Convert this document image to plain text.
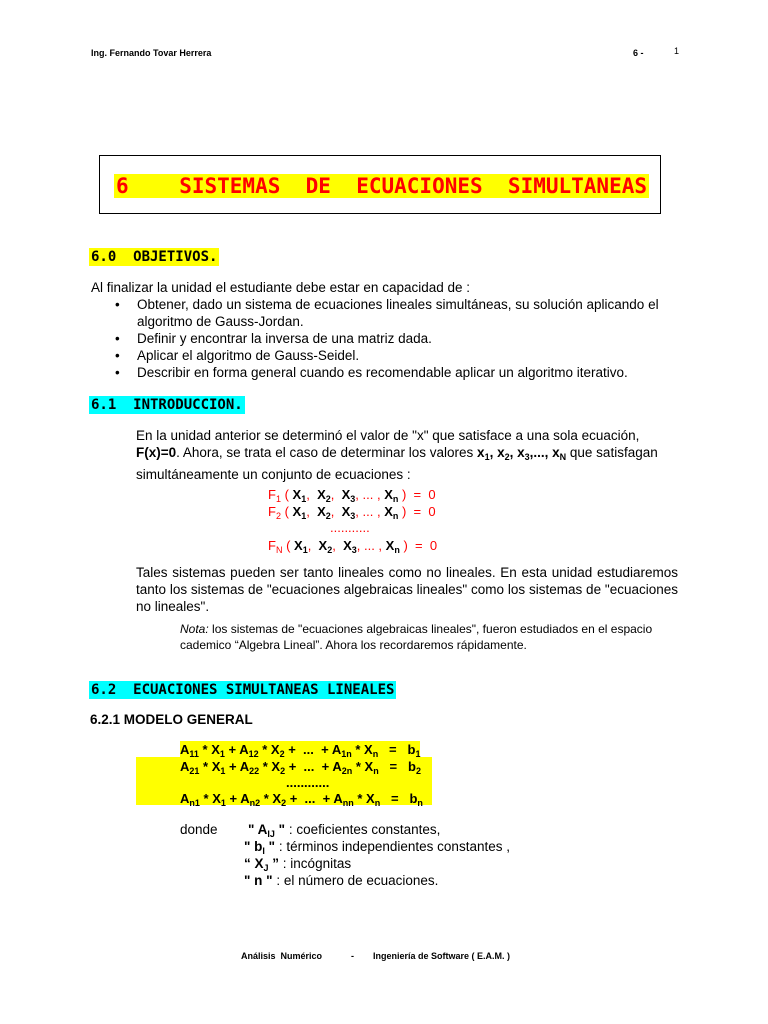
Ing. Fernando Tovar Herrera	6 -	1
6    SISTEMAS  DE  ECUACIONES  SIMULTANEAS
6.0  OBJETIVOS.
Al finalizar la unidad el estudiante debe estar en capacidad de :
• Obtener, dado un sistema de ecuaciones lineales simultáneas, su solución aplicando el algoritmo de Gauss-Jordan.
• Definir y encontrar la inversa de una matriz dada.
• Aplicar el algoritmo de Gauss-Seidel.
• Describir en forma general cuando es recomendable aplicar un algoritmo iterativo.
6.1  INTRODUCCION.
En la unidad anterior se determinó el valor de "x" que satisface a una sola ecuación,
F(x)=0. Ahora, se trata el caso de determinar los valores $x_1$, $x_2$, $x_3$,..., $x_N$ que satisfagan
simultáneamente un conjunto de ecuaciones :
$F_1$ ( $X_1$,  $X_2$,  $X_3$, ... , $X_n$ )  =  0
$F_2$ ( $X_1$,  $X_2$,  $X_3$, ... , $X_n$ )  =  0
...........
$F_N$ ( $X_1$,  $X_2$,  $X_3$, ... , $X_n$ )  =  0
Tales sistemas pueden ser tanto lineales como no lineales. En esta unidad estudiaremos tanto los sistemas de "ecuaciones algebraicas lineales" como los sistemas de "ecuaciones no lineales".
Nota: los sistemas de "ecuaciones algebraicas lineales", fueron estudiados en el espacio cademico “Algebra Lineal”. Ahora los recordaremos rápidamente.
6.2  ECUACIONES SIMULTANEAS LINEALES
6.2.1 MODELO GENERAL
$A_{11} * X_1 + A_{12} * X_2$ +  ...  + $A_{1n} * X_n = b_1$
$A_{21} * X_1 + A_{22} * X_2$ +  ...  + $A_{2n} * X_n = b_2$
............
$A_{n1} * X_1 + A_{n2} * X_2$ +  ...  + $A_{nn} * X_n = b_n$
donde " $A_{IJ}$ " : coeficientes constantes,
" $b_I$ " : términos independientes constantes ,
“ $X_J$ ” : incógnitas
" n " : el número de ecuaciones.
Análisis  Numérico	- Ingeniería de Software ( E.A.M. )
